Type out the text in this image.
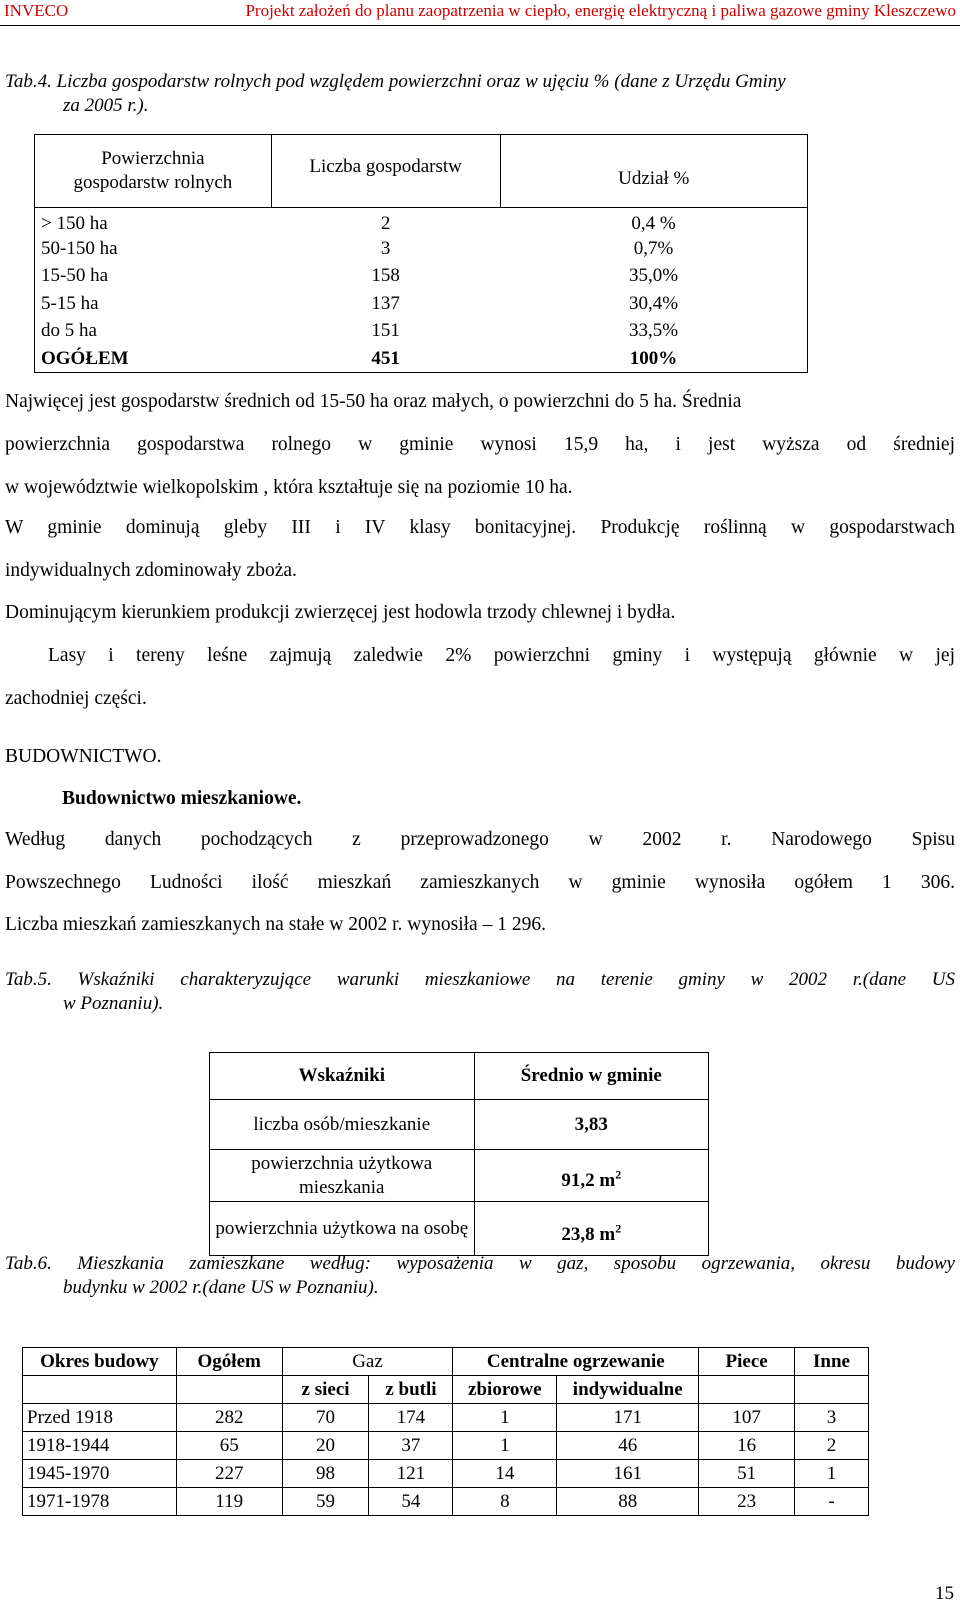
INVECO	Projekt założeń do planu zaopatrzenia w ciepło, energię elektryczną i paliwa gazowe gminy Kleszczewo
Tab.4. Liczba gospodarstw rolnych pod względem powierzchni oraz w ujęciu % (dane z Urzędu Gminy
za 2005 r.).
Powierzchnia gospodarstw rolnych	Liczba gospodarstw	Udział %
> 150 ha	2	0,4 %
50-150 ha	3	0,7%
15-50 ha	158	35,0%
5-15 ha	137	30,4%
do 5 ha	151	33,5%
OGÓŁEM	451	100%
Najwięcej jest gospodarstw średnich od 15-50 ha oraz małych, o powierzchni do 5 ha. Średnia
powierzchnia gospodarstwa rolnego w gminie wynosi 15,9 ha, i jest wyższa od średniej
w województwie wielkopolskim , która kształtuje się na poziomie 10 ha.
W gminie dominują gleby III i IV klasy bonitacyjnej. Produkcję roślinną w gospodarstwach
indywidualnych zdominowały zboża.
Dominującym kierunkiem produkcji zwierzęcej jest hodowla trzody chlewnej i bydła.
Lasy i tereny leśne zajmują zaledwie 2% powierzchni gminy i występują głównie w jej
zachodniej części.
BUDOWNICTWO.
Budownictwo mieszkaniowe.
Według danych pochodzących z przeprowadzonego w 2002 r. Narodowego Spisu
Powszechnego Ludności ilość mieszkań zamieszkanych w gminie wynosiła ogółem 1 306.
Liczba mieszkań zamieszkanych na stałe w 2002 r. wynosiła – 1 296.
Tab.5. Wskaźniki charakteryzujące warunki mieszkaniowe na terenie gminy w 2002 r.(dane US
w Poznaniu).
Wskaźniki	Średnio w gminie
liczba osób/mieszkanie	3,83
powierzchnia użytkowa mieszkania	91,2 $m^2$
powierzchnia użytkowa na osobę	23,8 $m^2$
Tab.6. Mieszkania zamieszkane według: wyposażenia w gaz, sposobu ogrzewania, okresu budowy
budynku w 2002 r.(dane US w Poznaniu).
Okres budowy	Ogółem	Gaz		Centralne ogrzewanie		Piece	Inne
		z sieci	z butli	zbiorowe	indywidualne		
Przed 1918	282	70	174	1	171	107	3
1918-1944	65	20	37	1	46	16	2
1945-1970	227	98	121	14	161	51	1
1971-1978	119	59	54	8	88	23	-
15
